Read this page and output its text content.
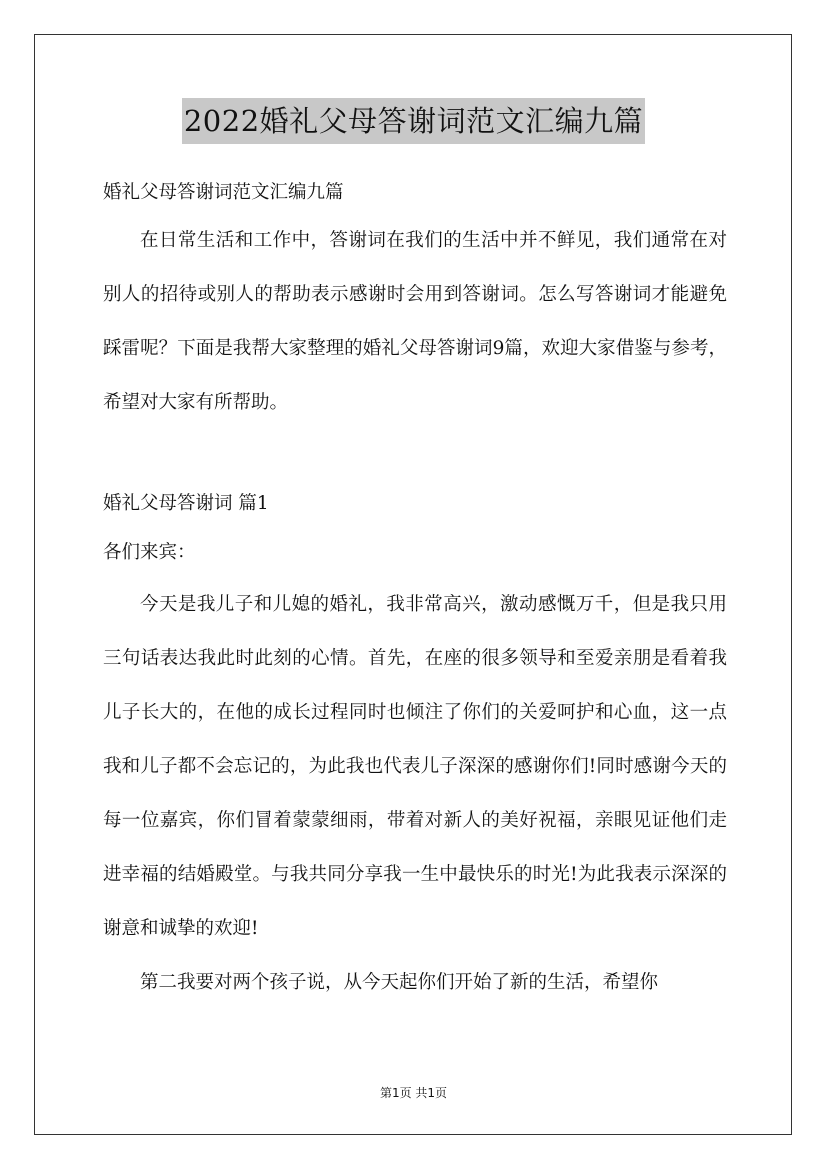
2022婚礼父母答谢词范文汇编九篇

婚礼父母答谢词范文汇编九篇

在日常生活和工作中，答谢词在我们的生活中并不鲜见，我们通常在对别人的招待或别人的帮助表示感谢时会用到答谢词。怎么写答谢词才能避免踩雷呢？下面是我帮大家整理的婚礼父母答谢词9篇，欢迎大家借鉴与参考，希望对大家有所帮助。

婚礼父母答谢词 篇1

各们来宾：

今天是我儿子和儿媳的婚礼，我非常高兴，激动感慨万千，但是我只用三句话表达我此时此刻的心情。首先，在座的很多领导和至爱亲朋是看着我儿子长大的，在他的成长过程同时也倾注了你们的关爱呵护和心血，这一点我和儿子都不会忘记的，为此我也代表儿子深深的感谢你们!同时感谢今天的每一位嘉宾，你们冒着蒙蒙细雨，带着对新人的美好祝福，亲眼见证他们走进幸福的结婚殿堂。与我共同分享我一生中最快乐的时光!为此我表示深深的谢意和诚挚的欢迎!

第二我要对两个孩子说，从今天起你们开始了新的生活，希望你

第1页 共1页
